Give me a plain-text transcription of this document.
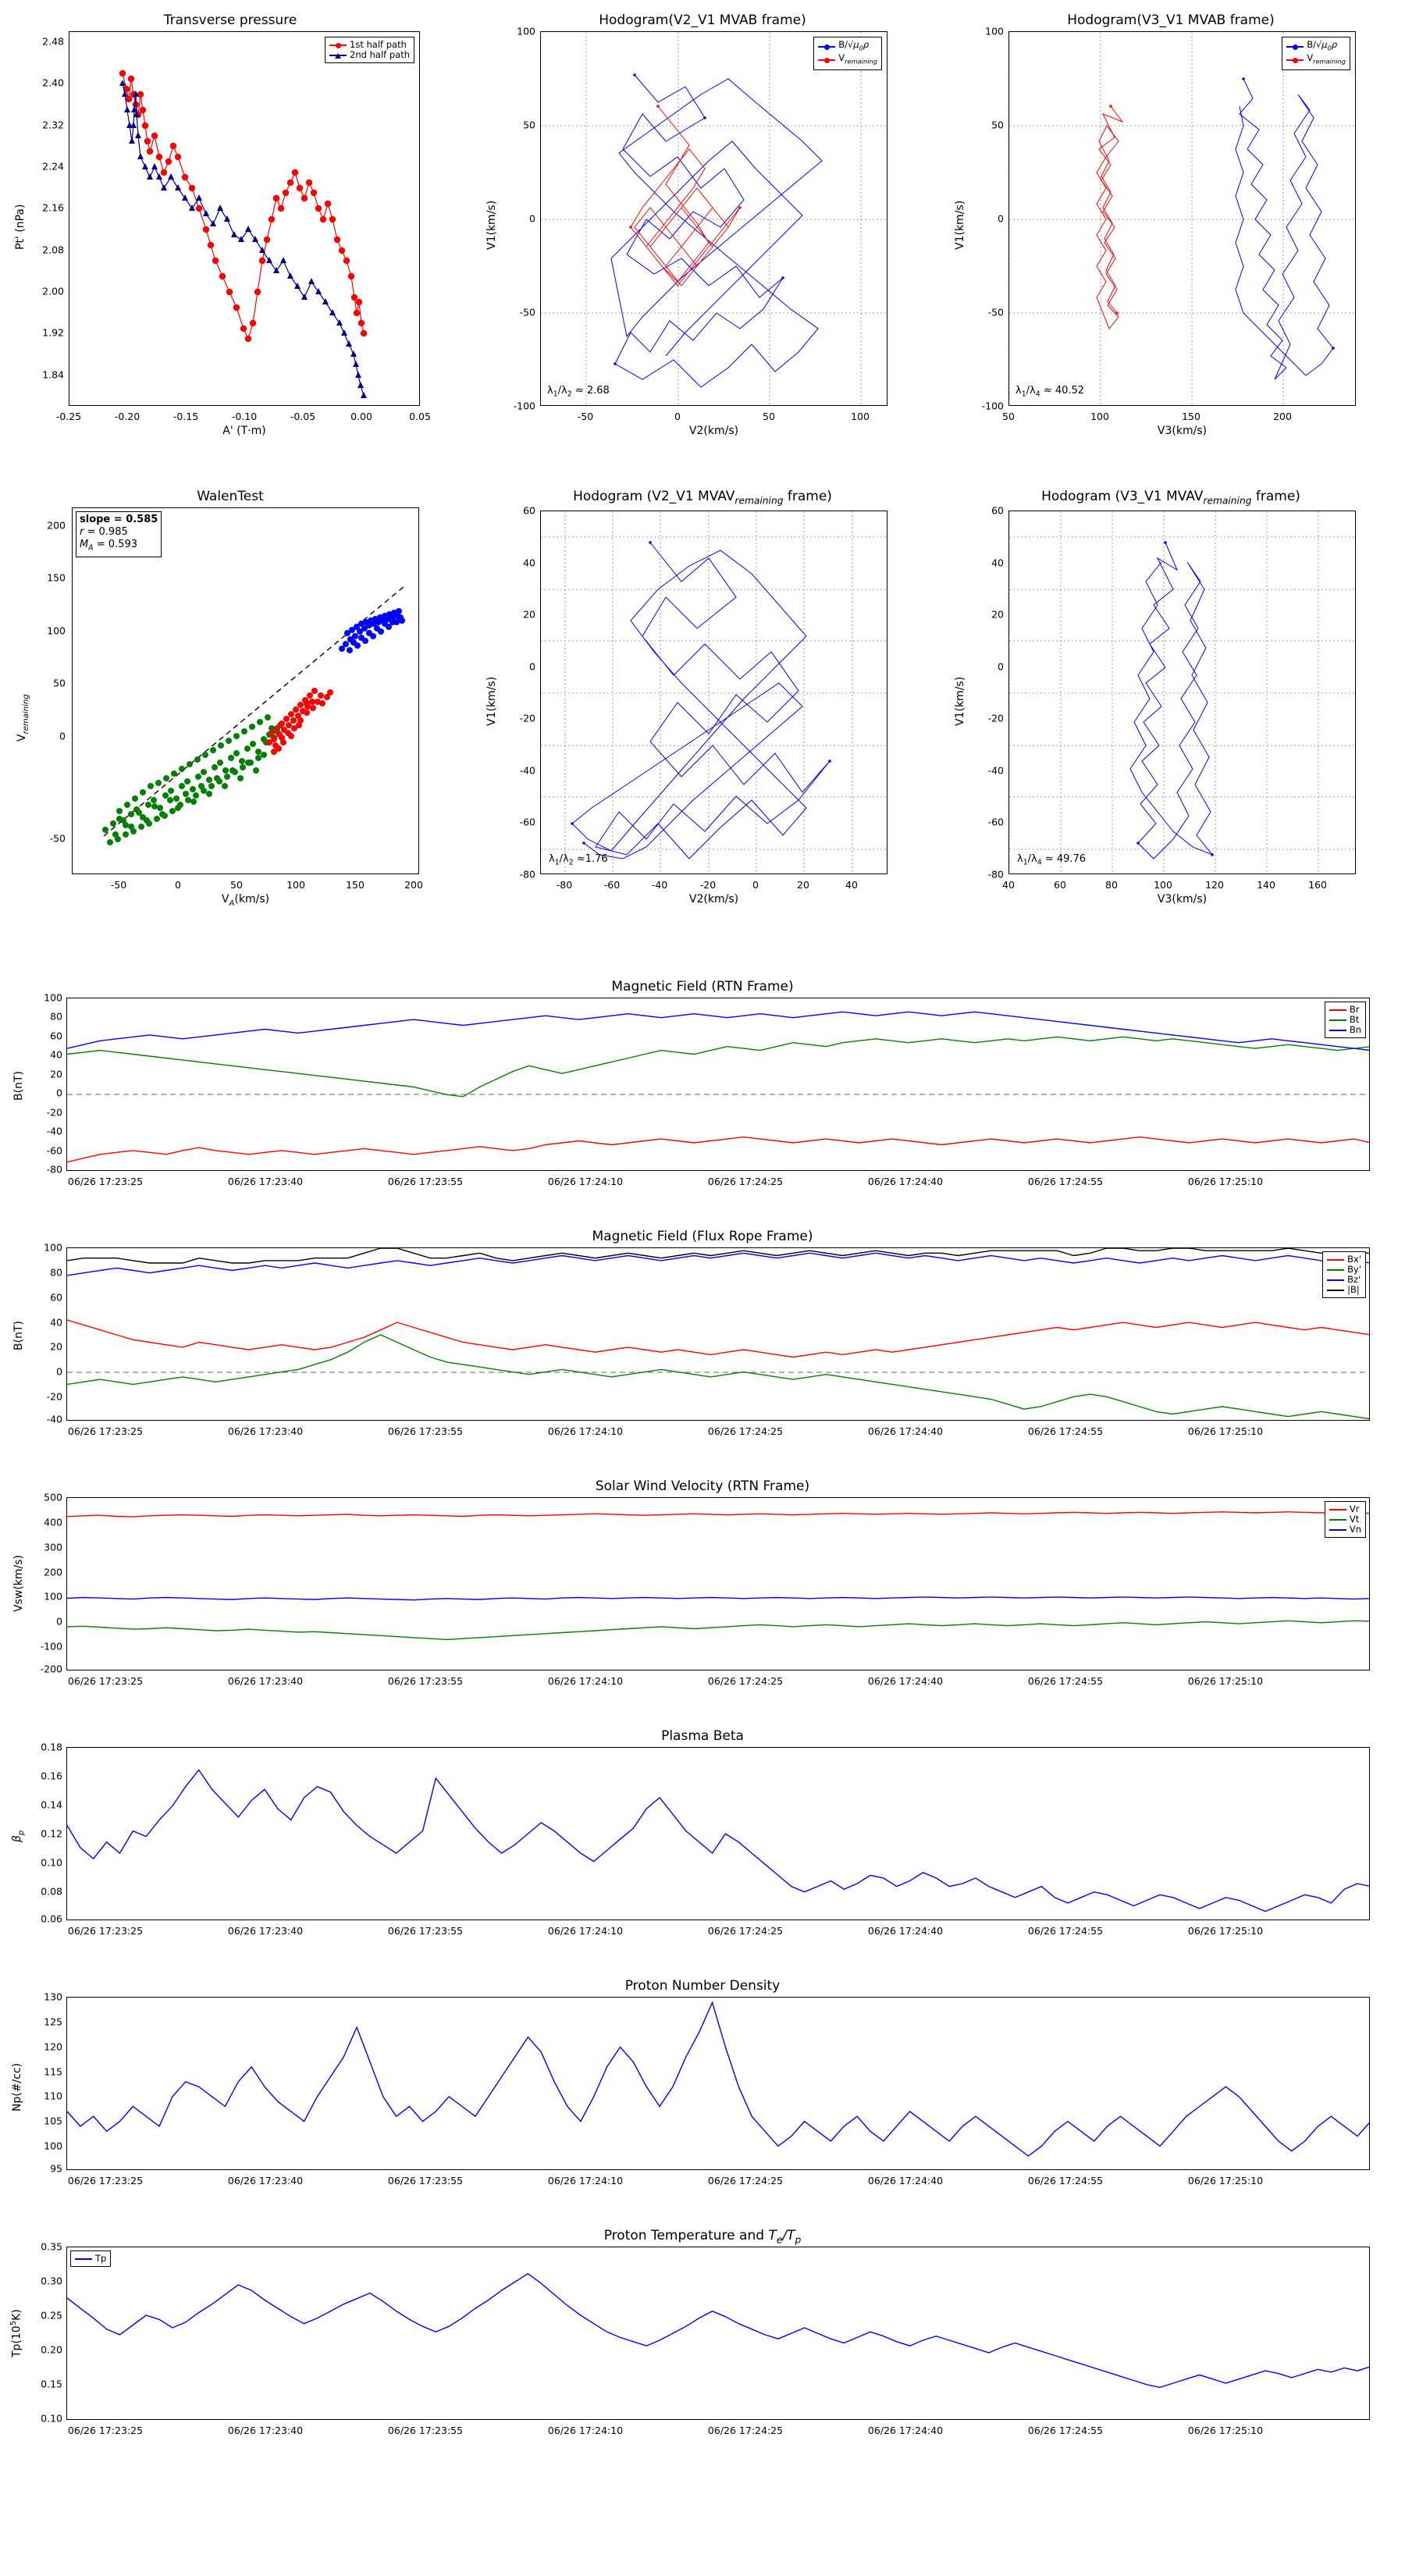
Transverse pressure
1st half path
2nd half path
2.48
2.40
2.32
2.24
2.16
2.08
2.00
1.92
1.84
-0.25	-0.20	-0.15	-0.10	-0.05	0.00	0.05
A' (T·m)
Pt' (nPa)
Hodogram(V2_V1 MVAB frame)
$B/√\mu_0\rho$
$V_{remaining}$
$\lambda_1/\lambda_2 \approx 2.68$
100
50
0
-50
-100
-50	0	50	100
V2(km/s)
V1(km/s)
Hodogram(V3_V1 MVAB frame)
$B/√\mu_0\rho$
$V_{remaining}$
$\lambda_1/\lambda_4 \approx 40.52$
100
50
0
-50
-100
50	100	150	200
V3(km/s)
V1(km/s)
WalenTest
slope = 0.585
r = 0.985
$M_A = 0.593$
200
150
100
50
0
-50
-50	0	50	100	150	200
$V_A(km/s)$
$V_{remaining}$
Hodogram (V2_V1 $MVAV_{remaining}$ frame)
$\lambda_1/\lambda_2 \approx 1.76$
60
40
20
0
-20
-40
-60
-80
-80	-60	-40	-20	0	20	40
V2(km/s)
V1(km/s)
Hodogram (V3_V1 $MVAV_{remaining}$ frame)
$\lambda_1/\lambda_4 \approx 49.76$
60
40
20
0
-20
-40
-60
-80
40	60	80	100	120	140	160
V3(km/s)
V1(km/s)
Magnetic Field (RTN Frame)
Br
Bt
Bn
100
80
60
40
20
0
-20
-40
-60
-80
06/26 17:23:25	06/26 17:23:40	06/26 17:23:55	06/26 17:24:10	06/26 17:24:25	06/26 17:24:40	06/26 17:24:55	06/26 17:25:10
B(nT)
Magnetic Field (Flux Rope Frame)
Bx'
By'
Bz'
|B|
100
80
60
40
20
0
-20
-40
06/26 17:23:25	06/26 17:23:40	06/26 17:23:55	06/26 17:24:10	06/26 17:24:25	06/26 17:24:40	06/26 17:24:55	06/26 17:25:10
B(nT)
Solar Wind Velocity (RTN Frame)
Vr
Vt
Vn
500
400
300
200
100
0
-100
-200
06/26 17:23:25	06/26 17:23:40	06/26 17:23:55	06/26 17:24:10	06/26 17:24:25	06/26 17:24:40	06/26 17:24:55	06/26 17:25:10
Vsw(km/s)
Plasma Beta
0.18
0.16
0.14
0.12
0.10
0.08
0.06
06/26 17:23:25	06/26 17:23:40	06/26 17:23:55	06/26 17:24:10	06/26 17:24:25	06/26 17:24:40	06/26 17:24:55	06/26 17:25:10
$\beta_p$
Proton Number Density
130
125
120
115
110
105
100
95
06/26 17:23:25	06/26 17:23:40	06/26 17:23:55	06/26 17:24:10	06/26 17:24:25	06/26 17:24:40	06/26 17:24:55	06/26 17:25:10
Np(#/cc)
Proton Temperature and $T_e/T_p$
Tp
0.35
0.30
0.25
0.20
0.15
0.10
06/26 17:23:25	06/26 17:23:40	06/26 17:23:55	06/26 17:24:10	06/26 17:24:25	06/26 17:24:40	06/26 17:24:55	06/26 17:25:10
$Tp(10^5K)$
